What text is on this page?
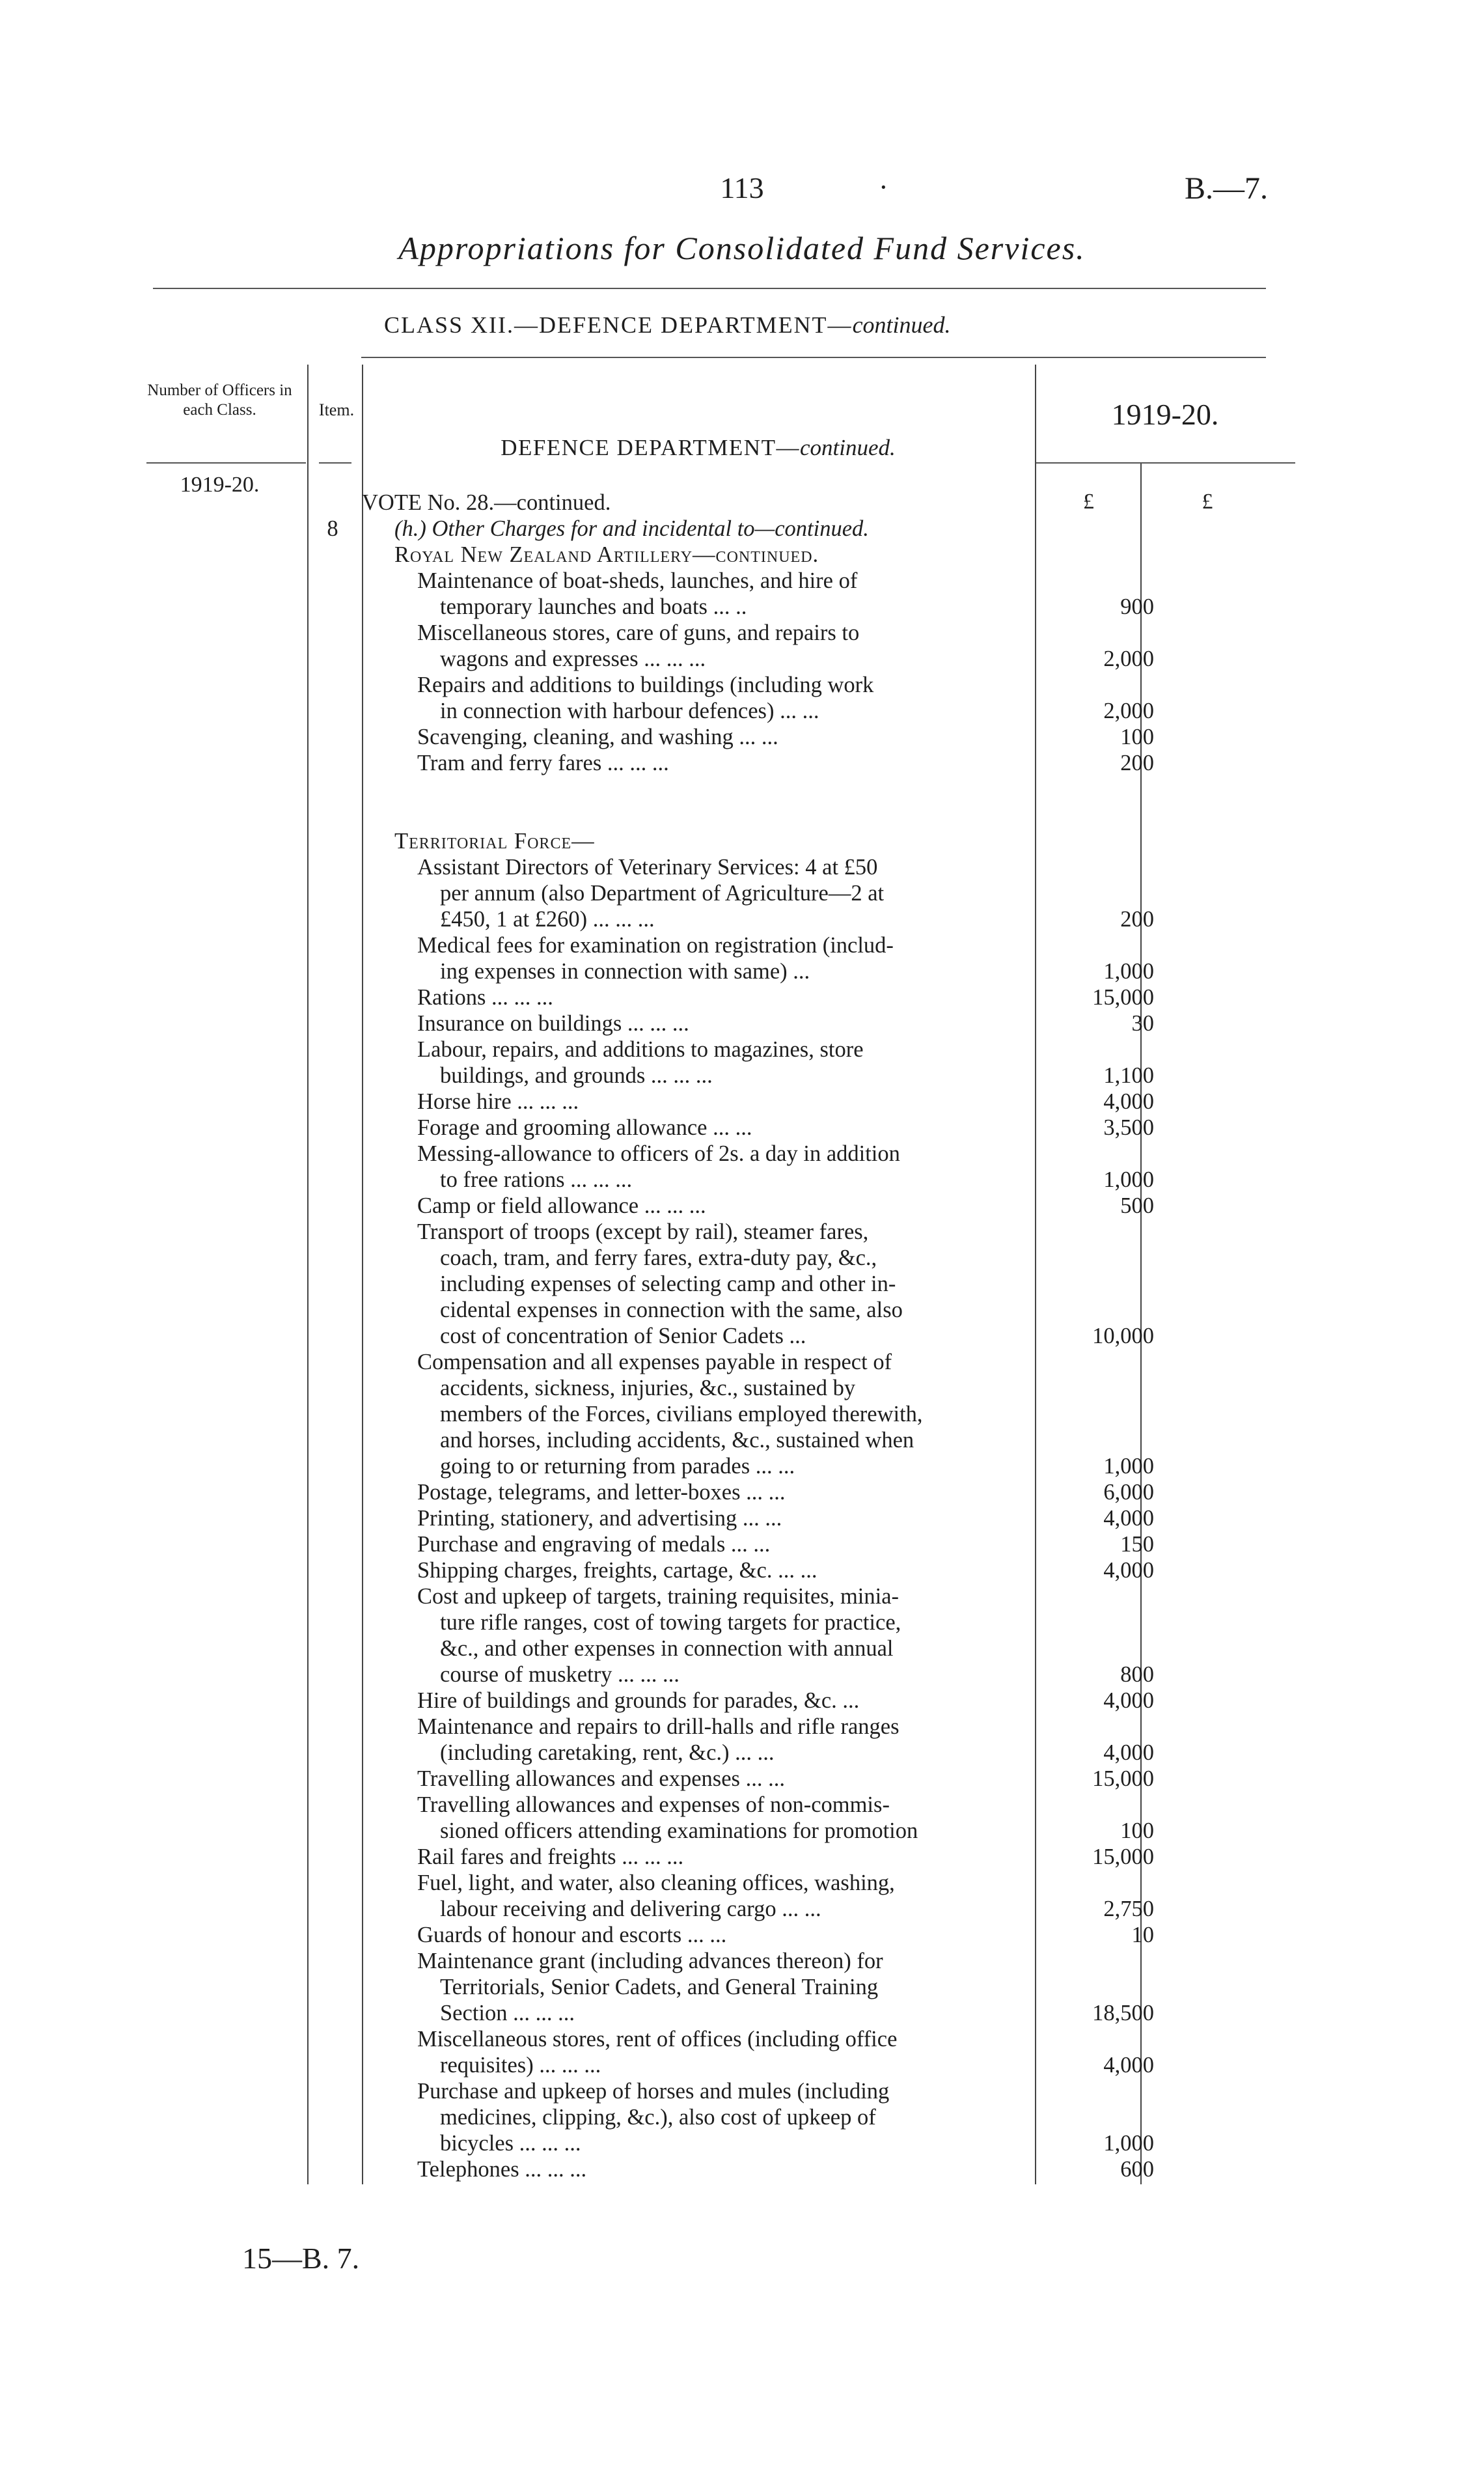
113	·	B.—7.
Appropriations for Consolidated Fund Services.
CLASS XII.—DEFENCE DEPARTMENT—continued.
Number of Officers in each Class.	Item.
DEFENCE DEPARTMENT—continued.
1919-20.
1919-20.
£	£
VOTE No. 28.—continued.
(h.) Other Charges for and incidental to—continued.
8
Royal New Zealand Artillery—continued.
Maintenance of boat-sheds, launches, and hire of
temporary launches and boats ... ..	900
Miscellaneous stores, care of guns, and repairs to
wagons and expresses ... ... ...	2,000
Repairs and additions to buildings (including work
in connection with harbour defences) ... ...	2,000
Scavenging, cleaning, and washing ... ...	100
Tram and ferry fares ... ... ...	200
Territorial Force—
Assistant Directors of Veterinary Services: 4 at £50
per annum (also Department of Agriculture—2 at
£450, 1 at £260) ... ... ...	200
Medical fees for examination on registration (includ-
ing expenses in connection with same) ...	1,000
Rations ... ... ...	15,000
Insurance on buildings ... ... ...	30
Labour, repairs, and additions to magazines, store
buildings, and grounds ... ... ...	1,100
Horse hire ... ... ...	4,000
Forage and grooming allowance ... ...	3,500
Messing-allowance to officers of 2s. a day in addition
to free rations ... ... ...	1,000
Camp or field allowance ... ... ...	500
Transport of troops (except by rail), steamer fares,
coach, tram, and ferry fares, extra-duty pay, &c.,
including expenses of selecting camp and other in-
cidental expenses in connection with the same, also
cost of concentration of Senior Cadets ...	10,000
Compensation and all expenses payable in respect of
accidents, sickness, injuries, &c., sustained by
members of the Forces, civilians employed therewith,
and horses, including accidents, &c., sustained when
going to or returning from parades ... ...	1,000
Postage, telegrams, and letter-boxes ... ...	6,000
Printing, stationery, and advertising ... ...	4,000
Purchase and engraving of medals ... ...	150
Shipping charges, freights, cartage, &c. ... ...	4,000
Cost and upkeep of targets, training requisites, minia-
ture rifle ranges, cost of towing targets for practice,
&c., and other expenses in connection with annual
course of musketry ... ... ...	800
Hire of buildings and grounds for parades, &c. ...	4,000
Maintenance and repairs to drill-halls and rifle ranges
(including caretaking, rent, &c.) ... ...	4,000
Travelling allowances and expenses ... ...	15,000
Travelling allowances and expenses of non-commis-
sioned officers attending examinations for promotion	100
Rail fares and freights ... ... ...	15,000
Fuel, light, and water, also cleaning offices, washing,
labour receiving and delivering cargo ... ...	2,750
Guards of honour and escorts ... ...	10
Maintenance grant (including advances thereon) for
Territorials, Senior Cadets, and General Training
Section ... ... ...	18,500
Miscellaneous stores, rent of offices (including office
requisites) ... ... ...	4,000
Purchase and upkeep of horses and mules (including
medicines, clipping, &c.), also cost of upkeep of
bicycles ... ... ...	1,000
Telephones ... ... ...	600
15—B. 7.
